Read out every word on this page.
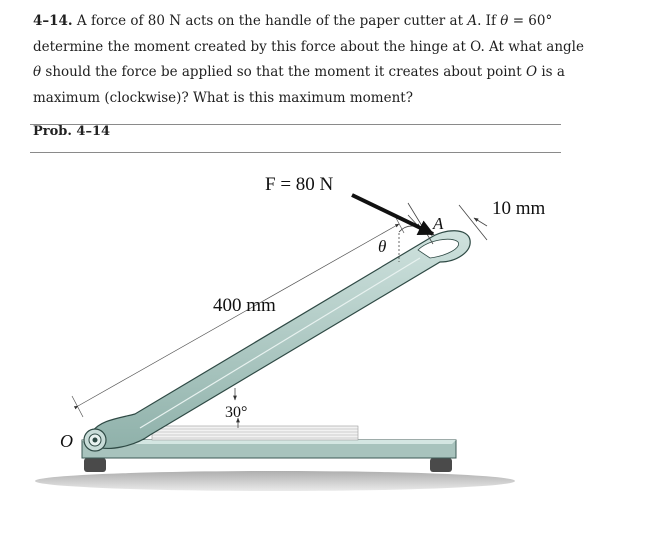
4–14. A force of 80 N acts on the handle of the paper cutter at A. If θ = 60° determine the moment created by this force about the hinge at O. At what angle θ should the force be applied so that the moment it creates about point O is a maximum (clockwise)? What is this maximum moment?
Prob. 4–14
F = 80 N
400 mm
10 mm
30°
θ
A
O
